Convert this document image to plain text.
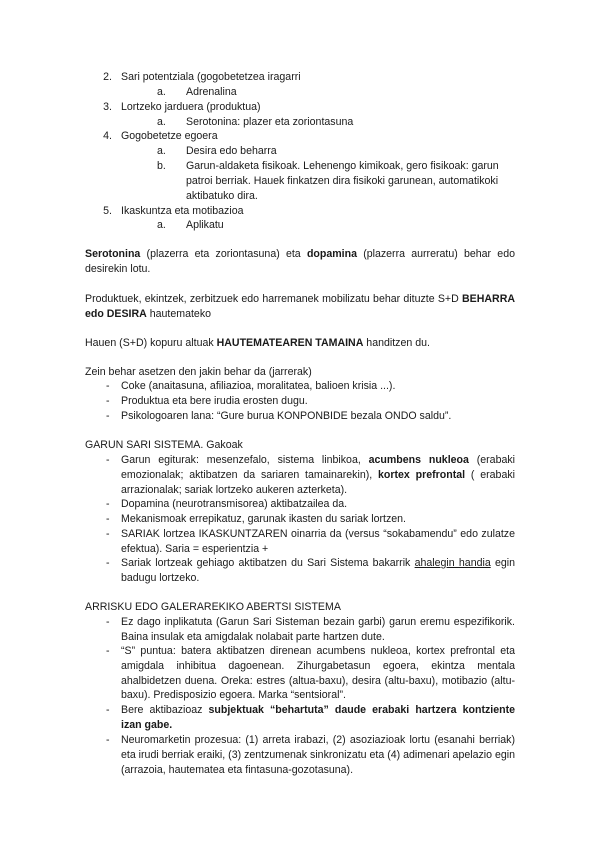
2. Sari potentziala (gogobetetzea iragarri
a. Adrenalina
3. Lortzeko jarduera (produktua)
a. Serotonina: plazer eta zoriontasuna
4. Gogobetetze egoera
a. Desira edo beharra
b. Garun-aldaketa fisikoak. Lehenengo kimikoak, gero fisikoak: garun
patroi berriak. Hauek finkatzen dira fisikoki garunean, automatikoki
aktibatuko dira.
5. Ikaskuntza eta motibazioa
a. Aplikatu
Serotonina (plazerra eta zoriontasuna) eta dopamina (plazerra aurreratu) behar edo desirekin lotu.
Produktuek, ekintzek, zerbitzuek edo harremanek mobilizatu behar dituzte S+D BEHARRA edo DESIRA hautemateko
Hauen (S+D) kopuru altuak HAUTEMATEAREN TAMAINA handitzen du.
Zein behar asetzen den jakin behar da (jarrerak)
- Coke (anaitasuna, afiliazioa, moralitatea, balioen krisia ...).
- Produktua eta bere irudia erosten dugu.
- Psikologoaren lana: “Gure burua KONPONBIDE bezala ONDO saldu”.
GARUN SARI SISTEMA. Gakoak
- Garun egiturak: mesenzefalo, sistema linbikoa, acumbens nukleoa (erabaki emozionalak; aktibatzen da sariaren tamainarekin), kortex prefrontal ( erabaki arrazionalak; sariak lortzeko aukeren azterketa).
- Dopamina (neurotransmisorea) aktibatzailea da.
- Mekanismoak errepikatuz, garunak ikasten du sariak lortzen.
- SARIAK lortzea IKASKUNTZAREN oinarria da (versus “sokabamendu” edo zulatze efektua). Saria = esperientzia +
- Sariak lortzeak gehiago aktibatzen du Sari Sistema bakarrik ahalegin handia egin badugu lortzeko.
ARRISKU EDO GALERAREKIKO ABERTSI SISTEMA
- Ez dago inplikatuta (Garun Sari Sisteman bezain garbi) garun eremu espezifikorik. Baina insulak eta amigdalak nolabait parte hartzen dute.
- “S” puntua: batera aktibatzen direnean acumbens nukleoa, kortex prefrontal eta amigdala inhibitua dagoenean. Zihurgabetasun egoera, ekintza mentala ahalbidetzen duena. Oreka: estres (altua-baxu), desira (altu-baxu), motibazio (altu-baxu). Predisposizio egoera. Marka “sentsioral”.
- Bere aktibazioaz subjektuak “behartuta” daude erabaki hartzera kontziente izan gabe.
- Neuromarketin prozesua: (1) arreta irabazi, (2) asoziazioak lortu (esanahi berriak) eta irudi berriak eraiki, (3) zentzumenak sinkronizatu eta (4) adimenari apelazio egin (arrazoia, hautematea eta fintasuna-gozotasuna).
